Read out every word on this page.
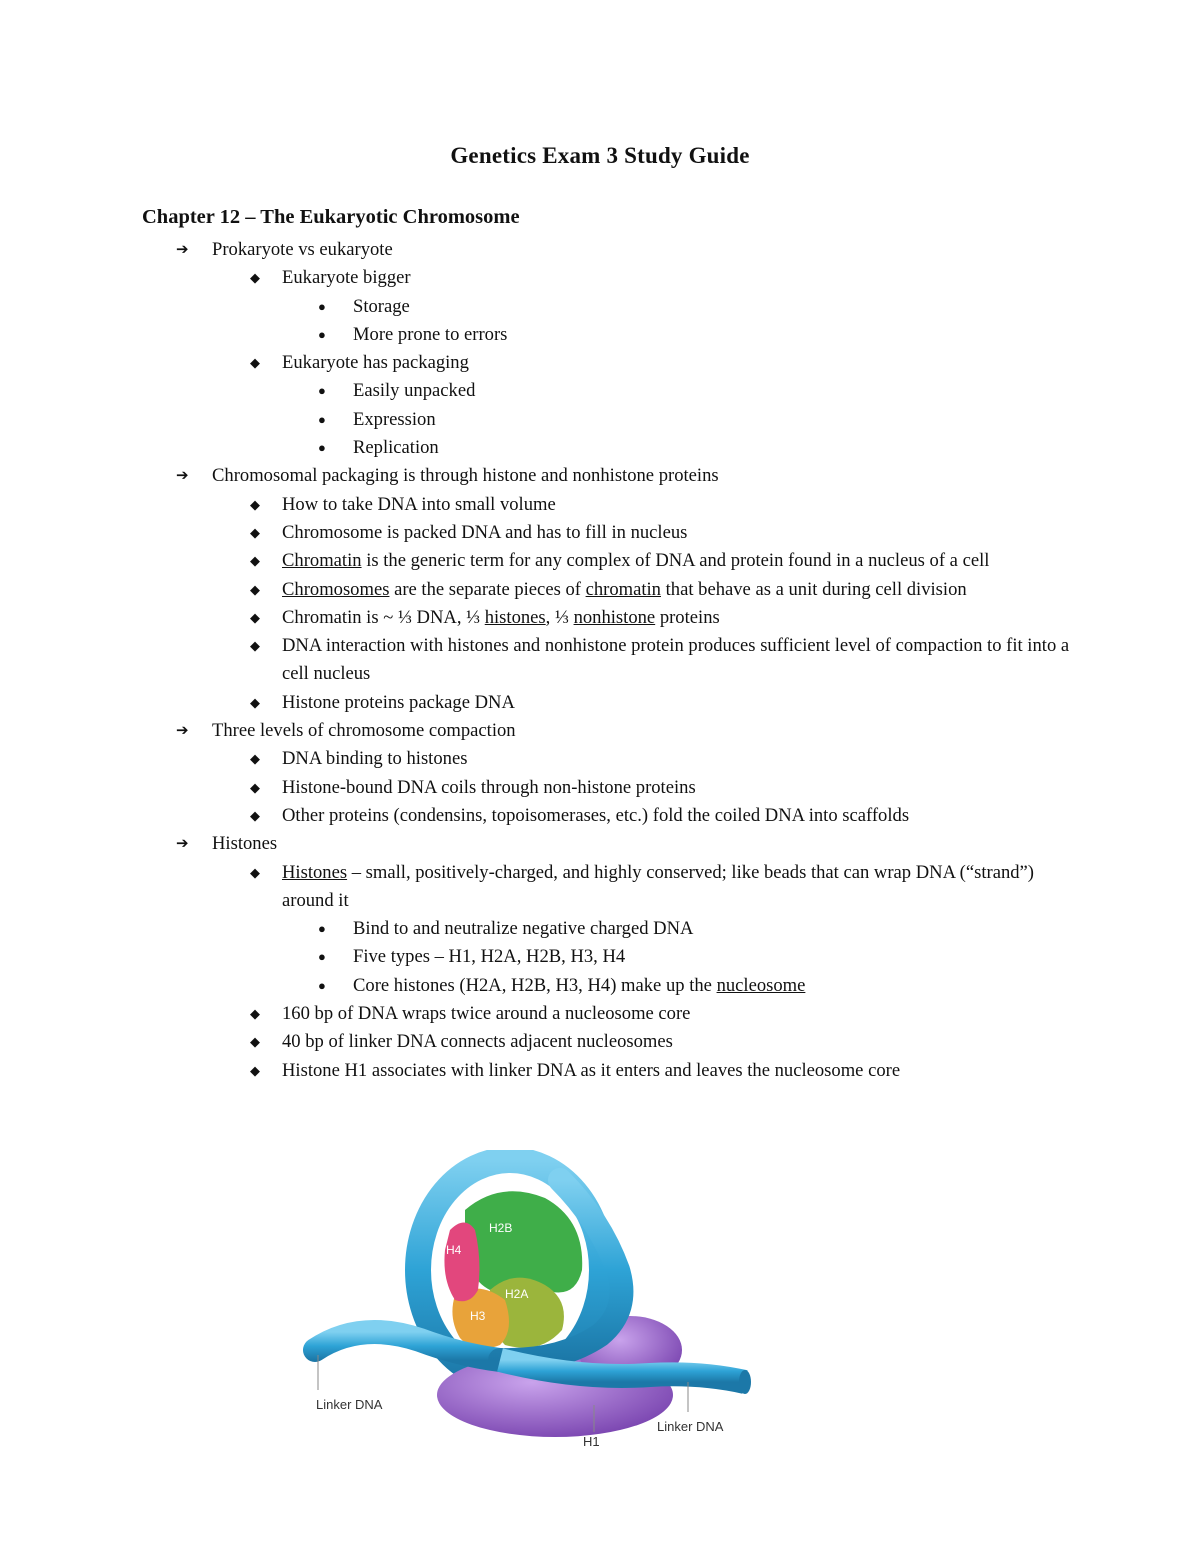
Genetics Exam 3 Study Guide
Chapter 12 – The Eukaryotic Chromosome
➔ Prokaryote vs eukaryote
◆ Eukaryote bigger
● Storage
● More prone to errors
◆ Eukaryote has packaging
● Easily unpacked
● Expression
● Replication
➔ Chromosomal packaging is through histone and nonhistone proteins
◆ How to take DNA into small volume
◆ Chromosome is packed DNA and has to fill in nucleus
◆ Chromatin is the generic term for any complex of DNA and protein found in a nucleus of a cell
◆ Chromosomes are the separate pieces of chromatin that behave as a unit during cell division
◆ Chromatin is ~ ⅓ DNA, ⅓ histones, ⅓ nonhistone proteins
◆ DNA interaction with histones and nonhistone protein produces sufficient level of compaction to fit into a cell nucleus
◆ Histone proteins package DNA
➔ Three levels of chromosome compaction
◆ DNA binding to histones
◆ Histone-bound DNA coils through non-histone proteins
◆ Other proteins (condensins, topoisomerases, etc.) fold the coiled DNA into scaffolds
➔ Histones
◆ Histones – small, positively-charged, and highly conserved; like beads that can wrap DNA (“strand”) around it
● Bind to and neutralize negative charged DNA
● Five types – H1, H2A, H2B, H3, H4
● Core histones (H2A, H2B, H3, H4) make up the nucleosome
◆ 160 bp of DNA wraps twice around a nucleosome core
◆ 40 bp of linker DNA connects adjacent nucleosomes
◆ Histone H1 associates with linker DNA as it enters and leaves the nucleosome core
H2B
H4
H2A
H3
Linker DNA
H1
Linker DNA
